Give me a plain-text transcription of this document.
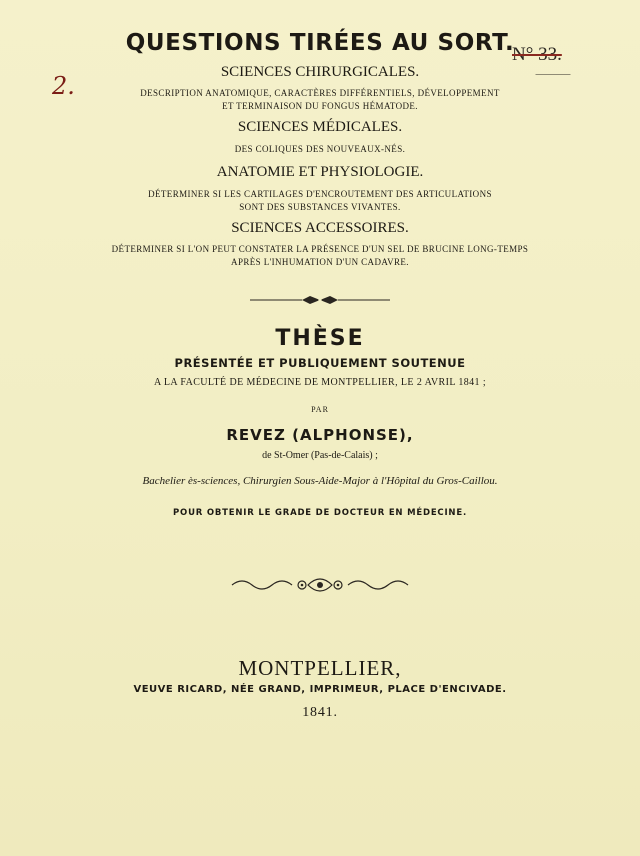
QUESTIONS TIRÉES AU SORT.
N° 33.
2.	SCIENCES CHIRURGICALES.
DESCRIPTION ANATOMIQUE, CARACTÈRES DIFFÉRENTIELS, DÉVELOPPEMENT
ET TERMINAISON DU FONGUS HÉMATODE.
SCIENCES MÉDICALES.
DES COLIQUES DES NOUVEAUX-NÉS.
ANATOMIE ET PHYSIOLOGIE.
DÉTERMINER SI LES CARTILAGES D'ENCROUTEMENT DES ARTICULATIONS
SONT DES SUBSTANCES VIVANTES.
SCIENCES ACCESSOIRES.
DÉTERMINER SI L'ON PEUT CONSTATER LA PRÉSENCE D'UN SEL DE BRUCINE LONG-TEMPS
APRÈS L'INHUMATION D'UN CADAVRE.
THÈSE
PRÉSENTÉE ET PUBLIQUEMENT SOUTENUE
A LA FACULTÉ DE MÉDECINE DE MONTPELLIER, LE 2 AVRIL 1841 ;
PAR
REVEZ (ALPHONSE),
de St-Omer (Pas-de-Calais) ;
Bachelier ès-sciences, Chirurgien Sous-Aide-Major à l'Hôpital du Gros-Caillou.
POUR OBTENIR LE GRADE DE DOCTEUR EN MÉDECINE.
MONTPELLIER,
VEUVE RICARD, NÉE GRAND, IMPRIMEUR, PLACE D'ENCIVADE.
1841.
